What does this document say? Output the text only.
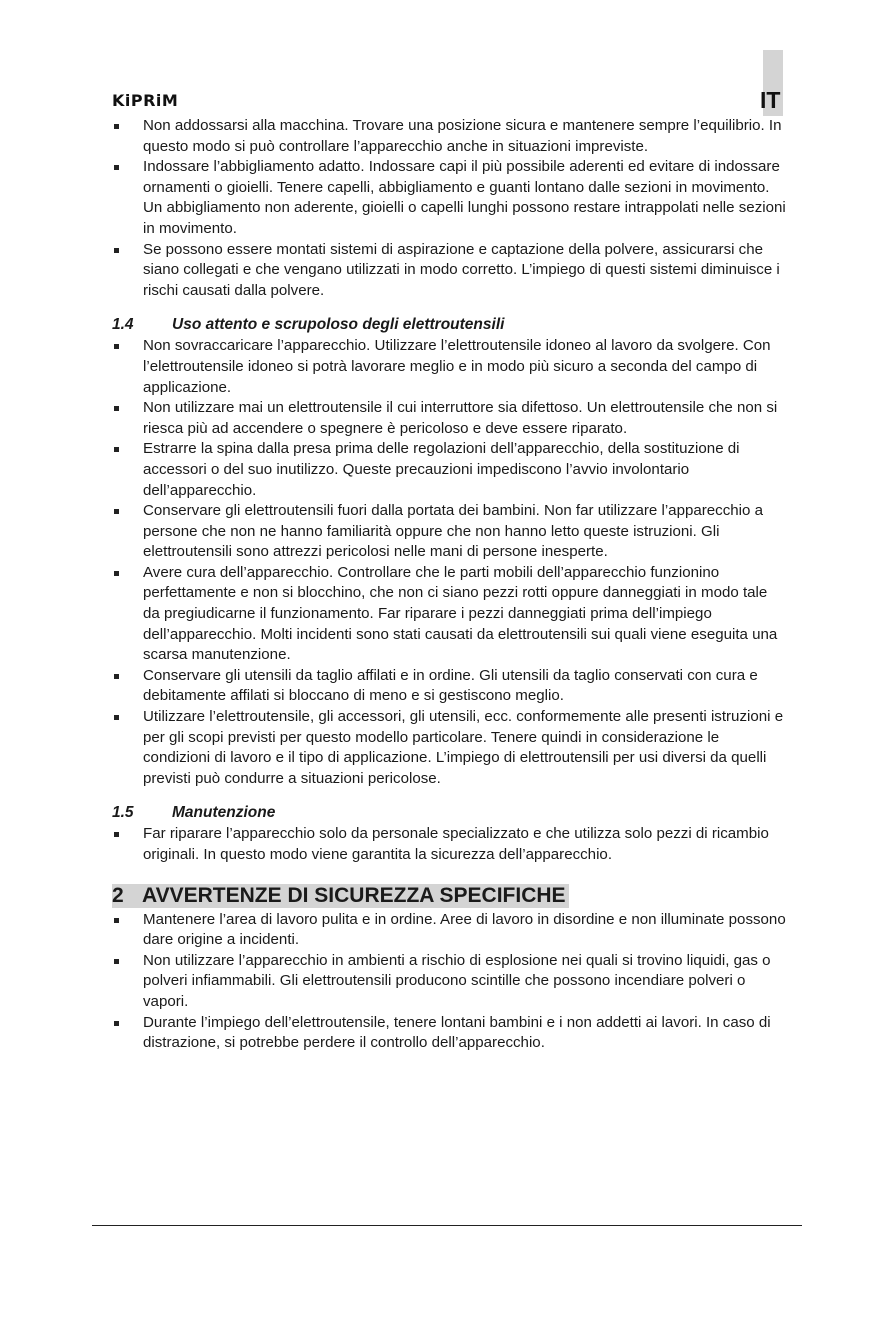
IT
KiPRiM
Non addossarsi alla macchina. Trovare una posizione sicura e mantenere sempre l’equilibrio. In questo modo si può controllare l’apparecchio anche in situazioni impreviste.
Indossare l’abbigliamento adatto. Indossare capi il più possibile aderenti ed evitare di indossare ornamenti o gioielli. Tenere capelli, abbigliamento e guanti lontano dalle sezioni in movimento. Un abbigliamento non aderente, gioielli o capelli lunghi possono restare intrappolati nelle sezioni in movimento.
Se possono essere montati sistemi di aspirazione e captazione della polvere, assicurarsi che siano collegati e che vengano utilizzati in modo corretto. L’impiego di questi sistemi diminuisce i rischi causati dalla polvere.
1.4 Uso attento e scrupoloso degli elettroutensili
Non sovraccaricare l’apparecchio. Utilizzare l’elettroutensile idoneo al lavoro da svolgere. Con l’elettroutensile idoneo si potrà lavorare meglio e in modo più sicuro a seconda del campo di applicazione.
Non utilizzare mai un elettroutensile il cui interruttore sia difettoso. Un elettroutensile che non si riesca più ad accendere o spegnere è pericoloso e deve essere riparato.
Estrarre la spina dalla presa prima delle regolazioni dell’apparecchio, della sostituzione di accessori o del suo inutilizzo. Queste precauzioni impediscono l’avvio involontario dell’apparecchio.
Conservare gli elettroutensili fuori dalla portata dei bambini. Non far utilizzare l’apparecchio a persone che non ne hanno familiarità oppure che non hanno letto queste istruzioni. Gli elettroutensili sono attrezzi pericolosi nelle mani di persone inesperte.
Avere cura dell’apparecchio. Controllare che le parti mobili dell’apparecchio funzionino perfettamente e non si blocchino, che non ci siano pezzi rotti oppure danneggiati in modo tale da pregiudicarne il funzionamento. Far riparare i pezzi danneggiati prima dell’impiego dell’apparecchio. Molti incidenti sono stati causati da elettroutensili sui quali viene eseguita una scarsa manutenzione.
Conservare gli utensili da taglio affilati e in ordine. Gli utensili da taglio conservati con cura e debitamente affilati si bloccano di meno e si gestiscono meglio.
Utilizzare l’elettroutensile, gli accessori, gli utensili, ecc. conformemente alle presenti istruzioni e per gli scopi previsti per questo modello particolare. Tenere quindi in considerazione le condizioni di lavoro e il tipo di applicazione. L’impiego di elettroutensili per usi diversi da quelli previsti può condurre a situazioni pericolose.
1.5 Manutenzione
Far riparare l’apparecchio solo da personale specializzato e che utilizza solo pezzi di ricambio originali. In questo modo viene garantita la sicurezza dell’apparecchio.
2 AVVERTENZE DI SICUREZZA SPECIFICHE
Mantenere l’area di lavoro pulita e in ordine. Aree di lavoro in disordine e non illuminate possono dare origine a incidenti.
Non utilizzare l’apparecchio in ambienti a rischio di esplosione nei quali si trovino liquidi, gas o polveri infiammabili. Gli elettroutensili producono scintille che possono incendiare polveri o vapori.
Durante l’impiego dell’elettroutensile, tenere lontani bambini e i non addetti ai lavori. In caso di distrazione, si potrebbe perdere il controllo dell’apparecchio.
